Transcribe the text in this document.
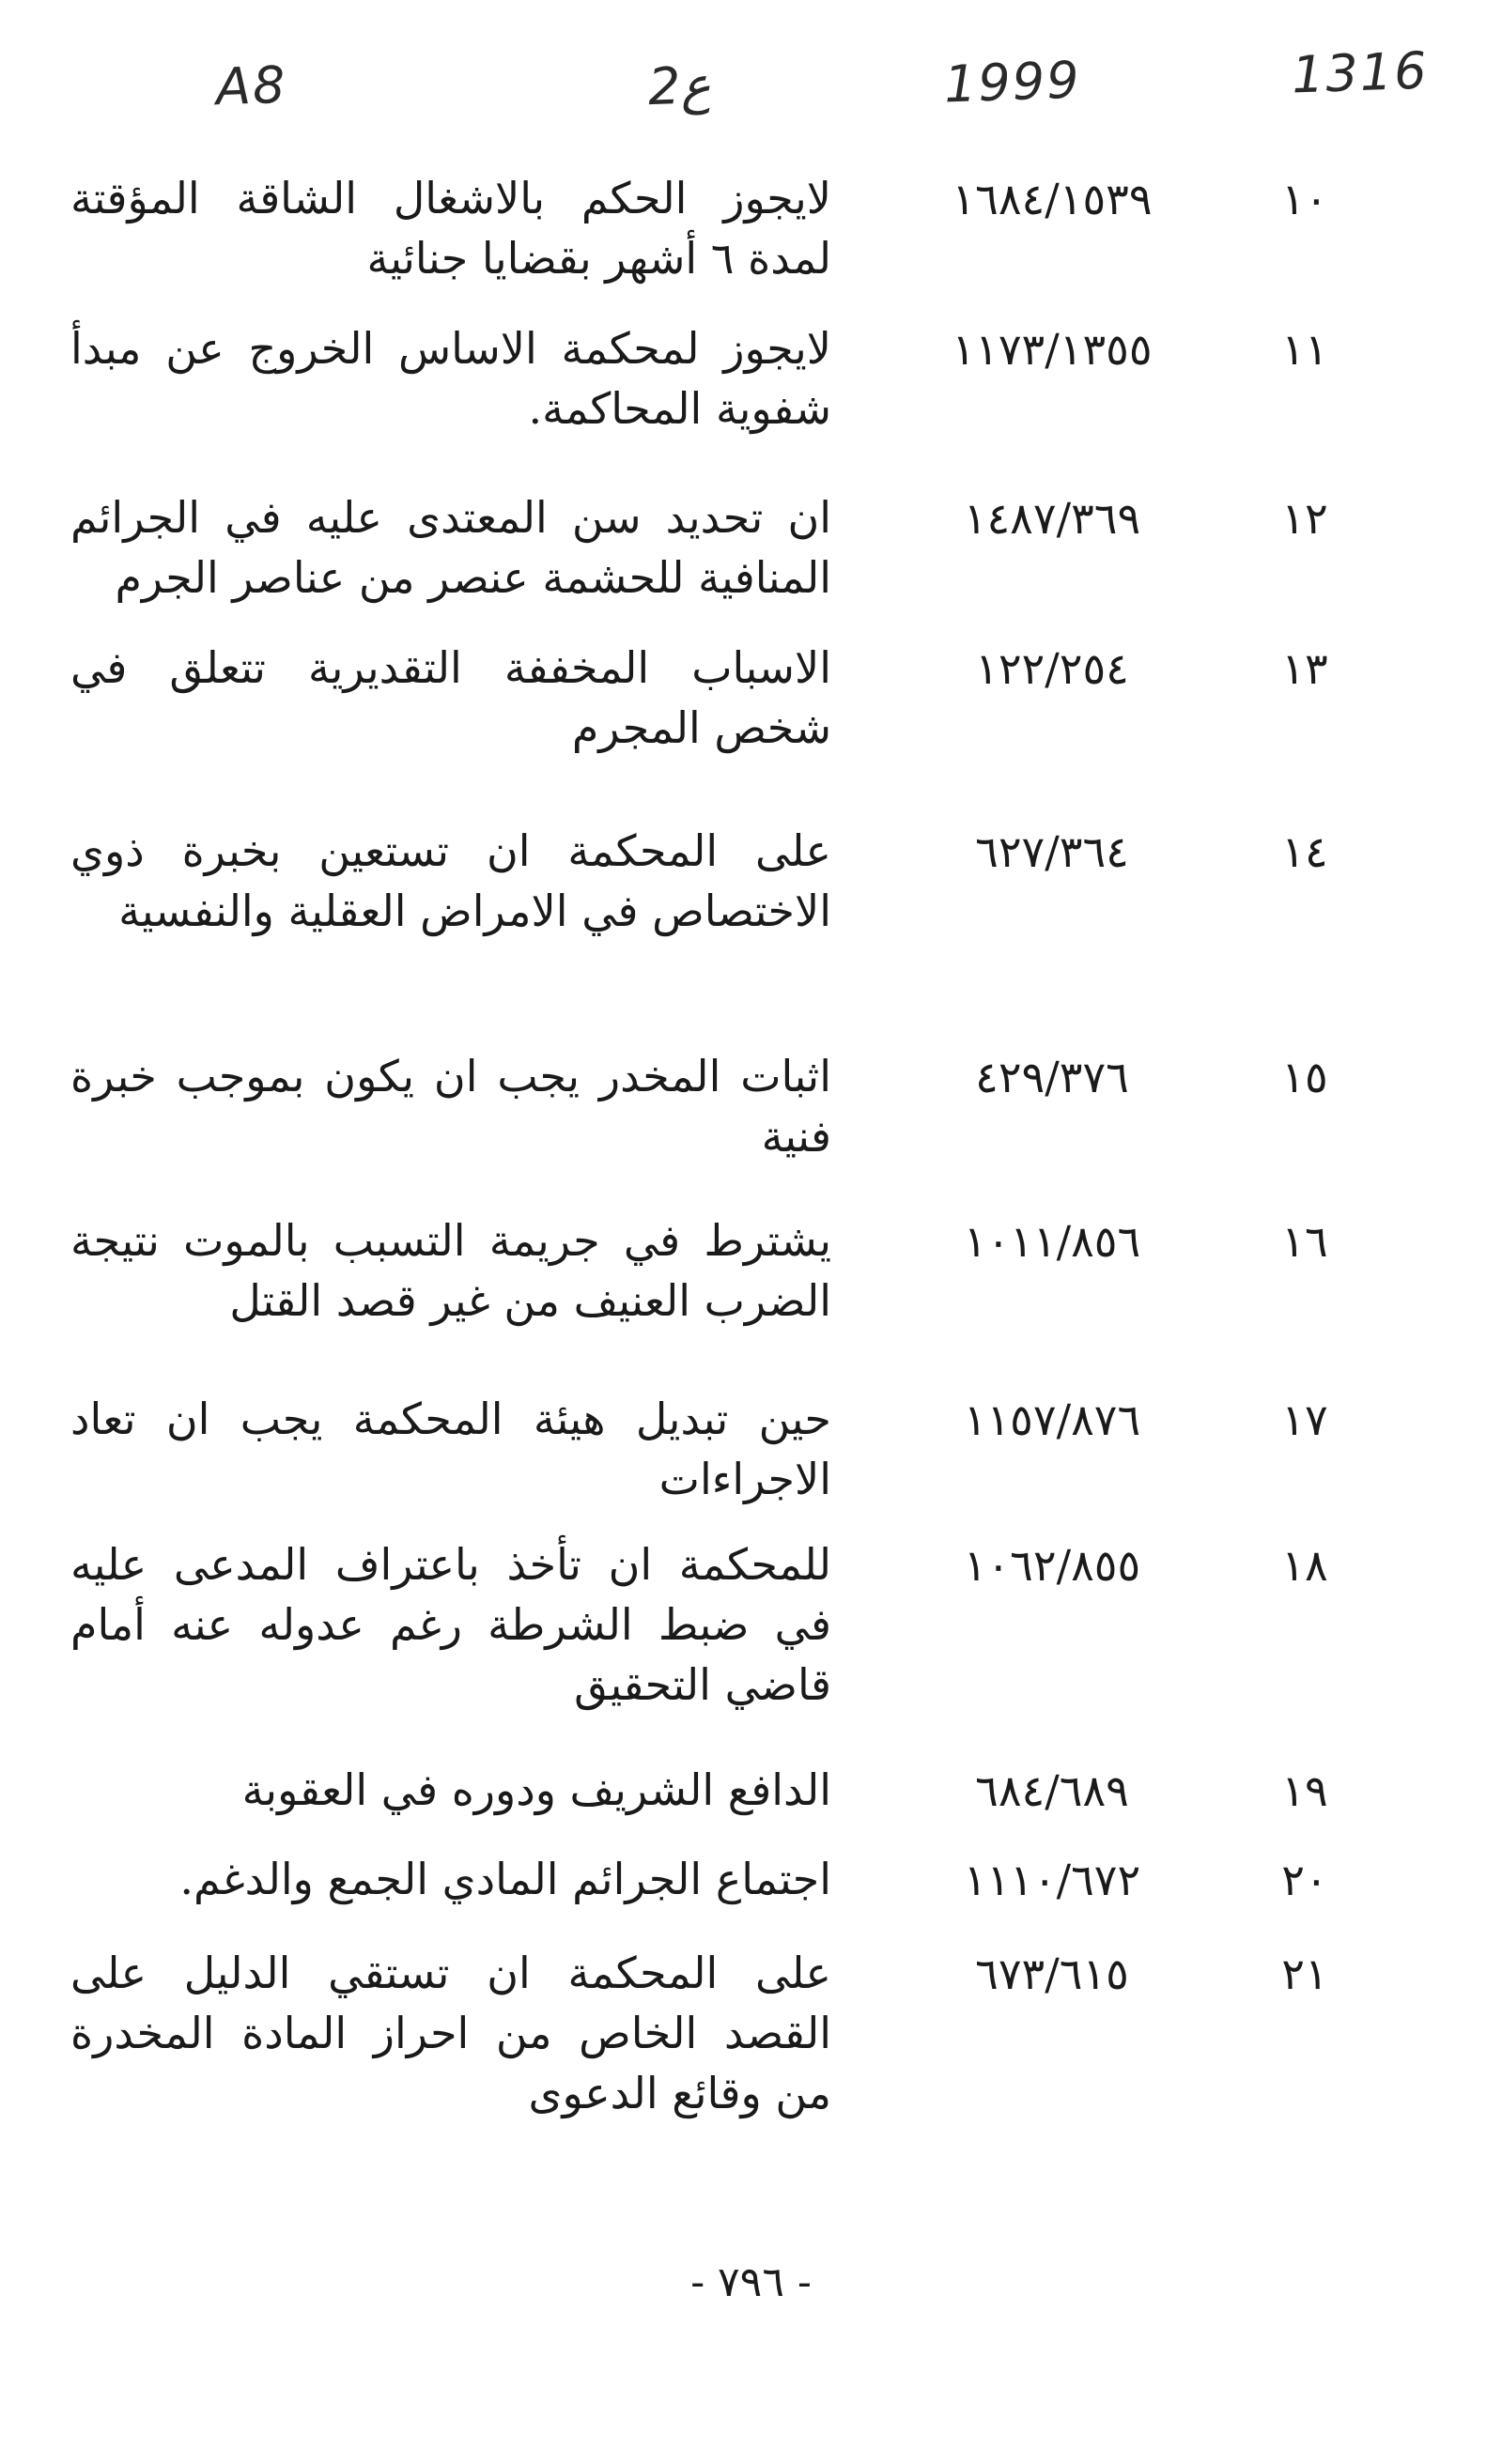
1316
1999
2ع
A8
١٠
١٦٨٤/١٥٣٩
لايجوز الحكم بالاشغال الشاقة المؤقتة لمدة ٦ أشهر بقضايا جنائية
١١
١١٧٣/١٣٥٥
لايجوز لمحكمة الاساس الخروج عن مبدأ شفوية المحاكمة.
١٢
١٤٨٧/٣٦٩
ان تحديد سن المعتدى عليه في الجرائم المنافية للحشمة عنصر من عناصر الجرم
١٣
١٢٢/٢٥٤
الاسباب المخففة التقديرية تتعلق في شخص المجرم
١٤
٦٢٧/٣٦٤
على المحكمة ان تستعين بخبرة ذوي الاختصاص في الامراض العقلية والنفسية
١٥
٤٢٩/٣٧٦
اثبات المخدر يجب ان يكون بموجب خبرة فنية
١٦
١٠١١/٨٥٦
يشترط في جريمة التسبب بالموت نتيجة الضرب العنيف من غير قصد القتل
١٧
١١٥٧/٨٧٦
حين تبديل هيئة المحكمة يجب ان تعاد الاجراءات
١٨
١٠٦٢/٨٥٥
للمحكمة ان تأخذ باعتراف المدعى عليه في ضبط الشرطة رغم عدوله عنه أمام قاضي التحقيق
١٩
٦٨٤/٦٨٩
الدافع الشريف ودوره في العقوبة
٢٠
١١١٠/٦٧٢
اجتماع الجرائم المادي الجمع والدغم.
٢١
٦٧٣/٦١٥
على المحكمة ان تستقي الدليل على القصد الخاص من احراز المادة المخدرة من وقائع الدعوى
- ٧٩٦ -
